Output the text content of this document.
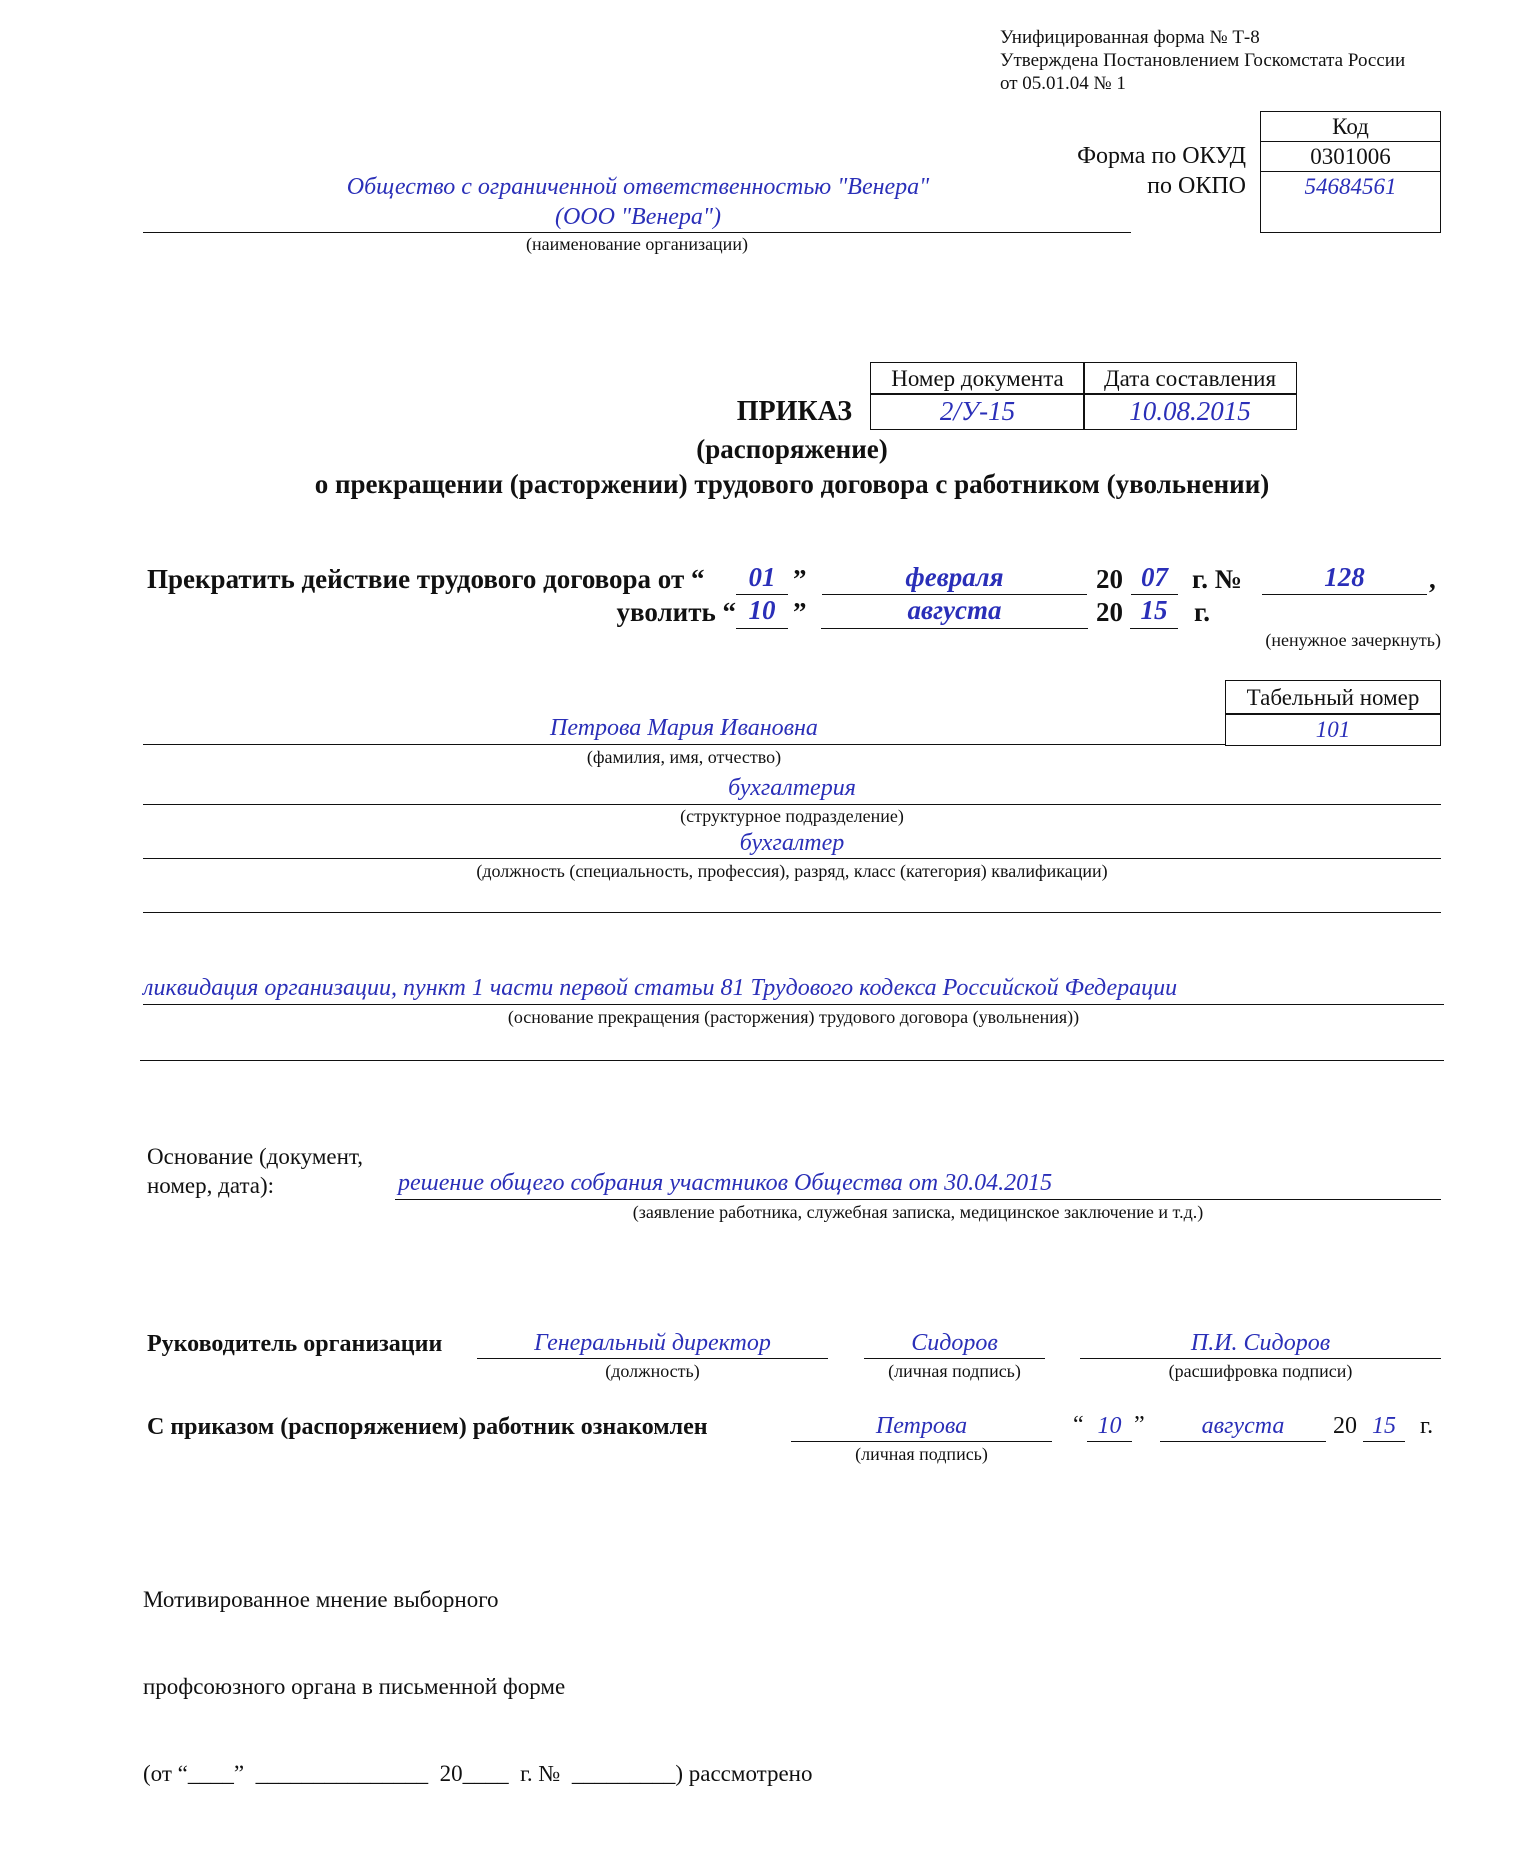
Унифицированная форма № Т-8
Утверждена Постановлением Госкомстата России
от 05.01.04 № 1
Код
0301006
54684561
Форма по ОКУД
по ОКПО
Общество с ограниченной ответственностью "Венера"
(ООО "Венера")
(наименование организации)
Номер документа	Дата составления
2/У-15	10.08.2015
ПРИКАЗ
(распоряжение)
о прекращении (расторжении) трудового договора с работником (увольнении)
Прекратить действие трудового договора от “	01 ”	февраля	20 07 г. №	128	,
уволить “ 10 ”	августа	20 15 г.
(ненужное зачеркнуть)
Табельный номер
101
Петрова Мария Ивановна
(фамилия, имя, отчество)
бухгалтерия
(структурное подразделение)
бухгалтер
(должность (специальность, профессия), разряд, класс (категория) квалификации)
ликвидация организации, пункт 1 части первой статьи 81 Трудового кодекса Российской Федерации
(основание прекращения (расторжения) трудового договора (увольнения))
Основание (документ,
номер, дата):	решение общего собрания участников Общества от 30.04.2015
(заявление работника, служебная записка, медицинское заключение и т.д.)
Руководитель организации	Генеральный директор
(должность)
Сидоров
(личная подпись)
П.И. Сидоров
(расшифровка подписи)
С приказом (распоряжением) работник ознакомлен	Петрова
(личная подпись)
“ 10 ”	августа	20 15	г.

Мотивированное мнение выборного

профсоюзного органа в письменной форме

(от “____”  _______________  20____  г. №  _________) рассмотрено
